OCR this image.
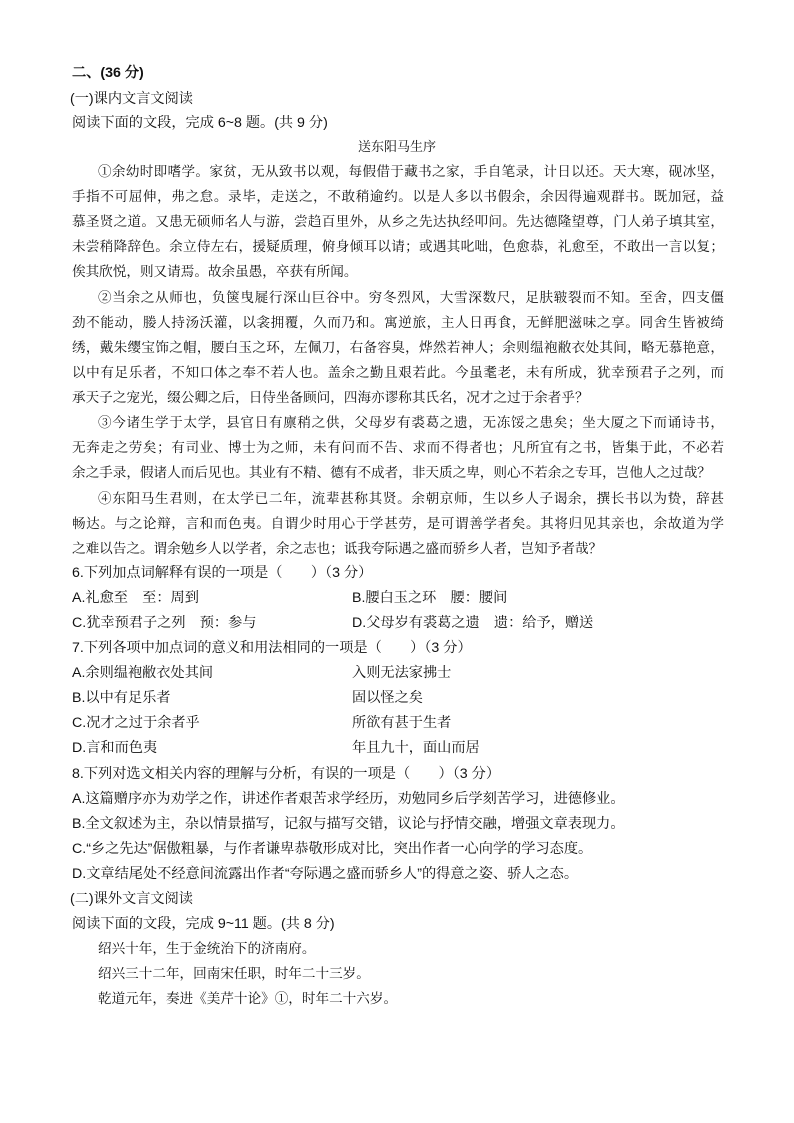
二、(36 分)

(一)课内文言文阅读

阅读下面的文段，完成 6~8 题。(共 9 分)

送东阳马生序

①余幼时即嗜学。家贫，无从致书以观，每假借于藏书之家，手自笔录，计日以还。天大寒，砚冰坚，

手指不可屈伸，弗之怠。录毕，走送之，不敢稍逾约。以是人多以书假余，余因得遍观群书。既加冠，益

慕圣贤之道。又患无硕师名人与游，尝趋百里外，从乡之先达执经叩问。先达德隆望尊，门人弟子填其室，

未尝稍降辞色。余立侍左右，援疑质理，俯身倾耳以请；或遇其叱咄，色愈恭，礼愈至，不敢出一言以复；

俟其欣悦，则又请焉。故余虽愚，卒获有所闻。

②当余之从师也，负箧曳屣行深山巨谷中。穷冬烈风，大雪深数尺，足肤皲裂而不知。至舍，四支僵

劲不能动，媵人持汤沃灌，以衾拥覆，久而乃和。寓逆旅，主人日再食，无鲜肥滋味之享。同舍生皆被绮

绣，戴朱缨宝饰之帽，腰白玉之环，左佩刀，右备容臭，烨然若神人；余则缊袍敝衣处其间，略无慕艳意，

以中有足乐者，不知口体之奉不若人也。盖余之勤且艰若此。今虽耄老，未有所成，犹幸预君子之列，而

承天子之宠光，缀公卿之后，日侍坐备顾问，四海亦谬称其氏名，况才之过于余者乎？

③今诸生学于太学，县官日有廪稍之供，父母岁有裘葛之遗，无冻馁之患矣；坐大厦之下而诵诗书，

无奔走之劳矣；有司业、博士为之师，未有问而不告、求而不得者也；凡所宜有之书，皆集于此，不必若

余之手录，假诸人而后见也。其业有不精、德有不成者，非天质之卑，则心不若余之专耳，岂他人之过哉？

④东阳马生君则，在太学已二年，流辈甚称其贤。余朝京师，生以乡人子谒余，撰长书以为贽，辞甚

畅达。与之论辩，言和而色夷。自谓少时用心于学甚劳，是可谓善学者矣。其将归见其亲也，余故道为学

之难以告之。谓余勉乡人以学者，余之志也；诋我夸际遇之盛而骄乡人者，岂知予者哉？

6.下列加点词解释有误的一项是（　　）（3 分）

A.礼愈至　至：周到	B.腰白玉之环　腰：腰间

C.犹幸预君子之列　预：参与	D.父母岁有裘葛之遗　遗：给予，赠送

7.下列各项中加点词的意义和用法相同的一项是（　　）（3 分）

A.余则缊袍敝衣处其间	入则无法家拂士

B.以中有足乐者	固以怪之矣

C.况才之过于余者乎	所欲有甚于生者

D.言和而色夷	年且九十，面山而居

8.下列对选文相关内容的理解与分析，有误的一项是（　　）（3 分）

A.这篇赠序亦为劝学之作，讲述作者艰苦求学经历，劝勉同乡后学刻苦学习，进德修业。

B.全文叙述为主，杂以情景描写，记叙与描写交错，议论与抒情交融，增强文章表现力。

C.“乡之先达”倨傲粗暴，与作者谦卑恭敬形成对比，突出作者一心向学的学习态度。

D.文章结尾处不经意间流露出作者“夸际遇之盛而骄乡人”的得意之姿、骄人之态。

(二)课外文言文阅读

阅读下面的文段，完成 9~11 题。(共 8 分)

绍兴十年，生于金统治下的济南府。

绍兴三十二年，回南宋任职，时年二十三岁。

乾道元年，奏进《美芹十论》①，时年二十六岁。
